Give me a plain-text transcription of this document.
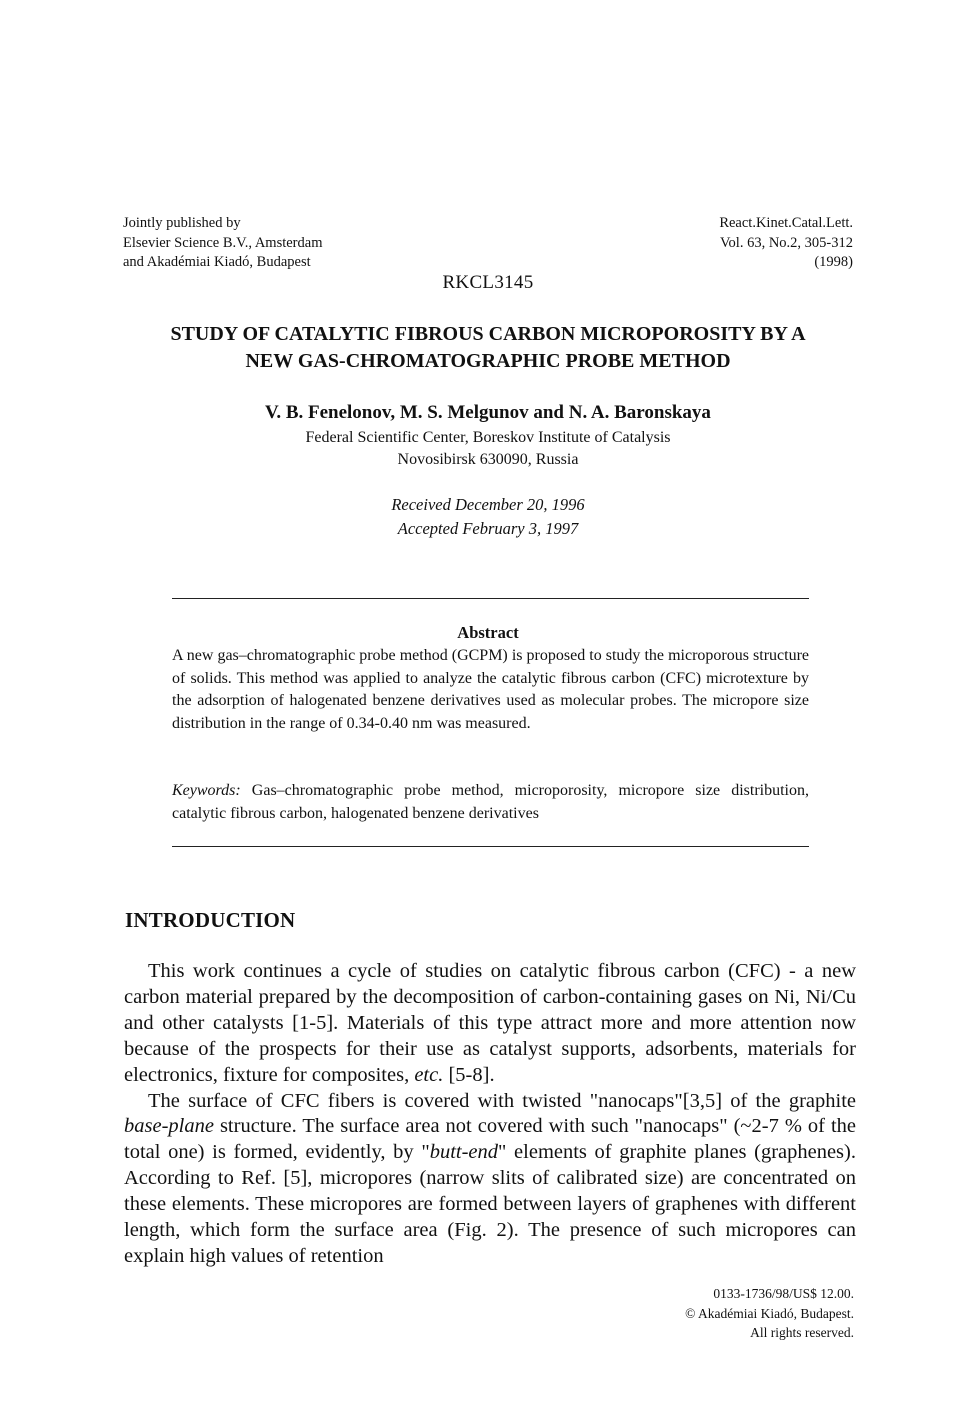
Jointly published by
Elsevier Science B.V., Amsterdam
and Akadémiai Kiadó, Budapest
React.Kinet.Catal.Lett.
Vol. 63, No.2, 305-312
(1998)
RKCL3145
STUDY OF CATALYTIC FIBROUS CARBON MICROPOROSITY BY A
NEW GAS-CHROMATOGRAPHIC PROBE METHOD
V. B. Fenelonov, M. S. Melgunov and N. A. Baronskaya
Federal Scientific Center, Boreskov Institute of Catalysis
Novosibirsk 630090, Russia
Received December 20, 1996
Accepted February 3, 1997
Abstract
A new gas–chromatographic probe method (GCPM) is proposed to study the microporous structure of solids. This method was applied to analyze the catalytic fibrous carbon (CFC) microtexture by the adsorption of halogenated benzene derivatives used as molecular probes. The micropore size distribution in the range of 0.34-0.40 nm was measured.
Keywords: Gas–chromatographic probe method, microporosity, micropore size distribution, catalytic fibrous carbon, halogenated benzene derivatives
INTRODUCTION

This work continues a cycle of studies on catalytic fibrous carbon (CFC) - a new carbon material prepared by the decomposition of carbon-containing gases on Ni, Ni/Cu and other catalysts [1-5]. Materials of this type attract more and more attention now because of the prospects for their use as catalyst supports, adsorbents, materials for electronics, fixture for composites, etc. [5-8].

The surface of CFC fibers is covered with twisted "nanocaps"[3,5] of the graphite base-plane structure. The surface area not covered with such "nanocaps" (~2-7 % of the total one) is formed, evidently, by "butt-end" elements of graphite planes (graphenes). According to Ref. [5], micropores (narrow slits of calibrated size) are concentrated on these elements. These micropores are formed between layers of graphenes with different length, which form the surface area (Fig. 2). The presence of such micropores can explain high values of retention

0133-1736/98/US$ 12.00.
© Akadémiai Kiadó, Budapest.
All rights reserved.
